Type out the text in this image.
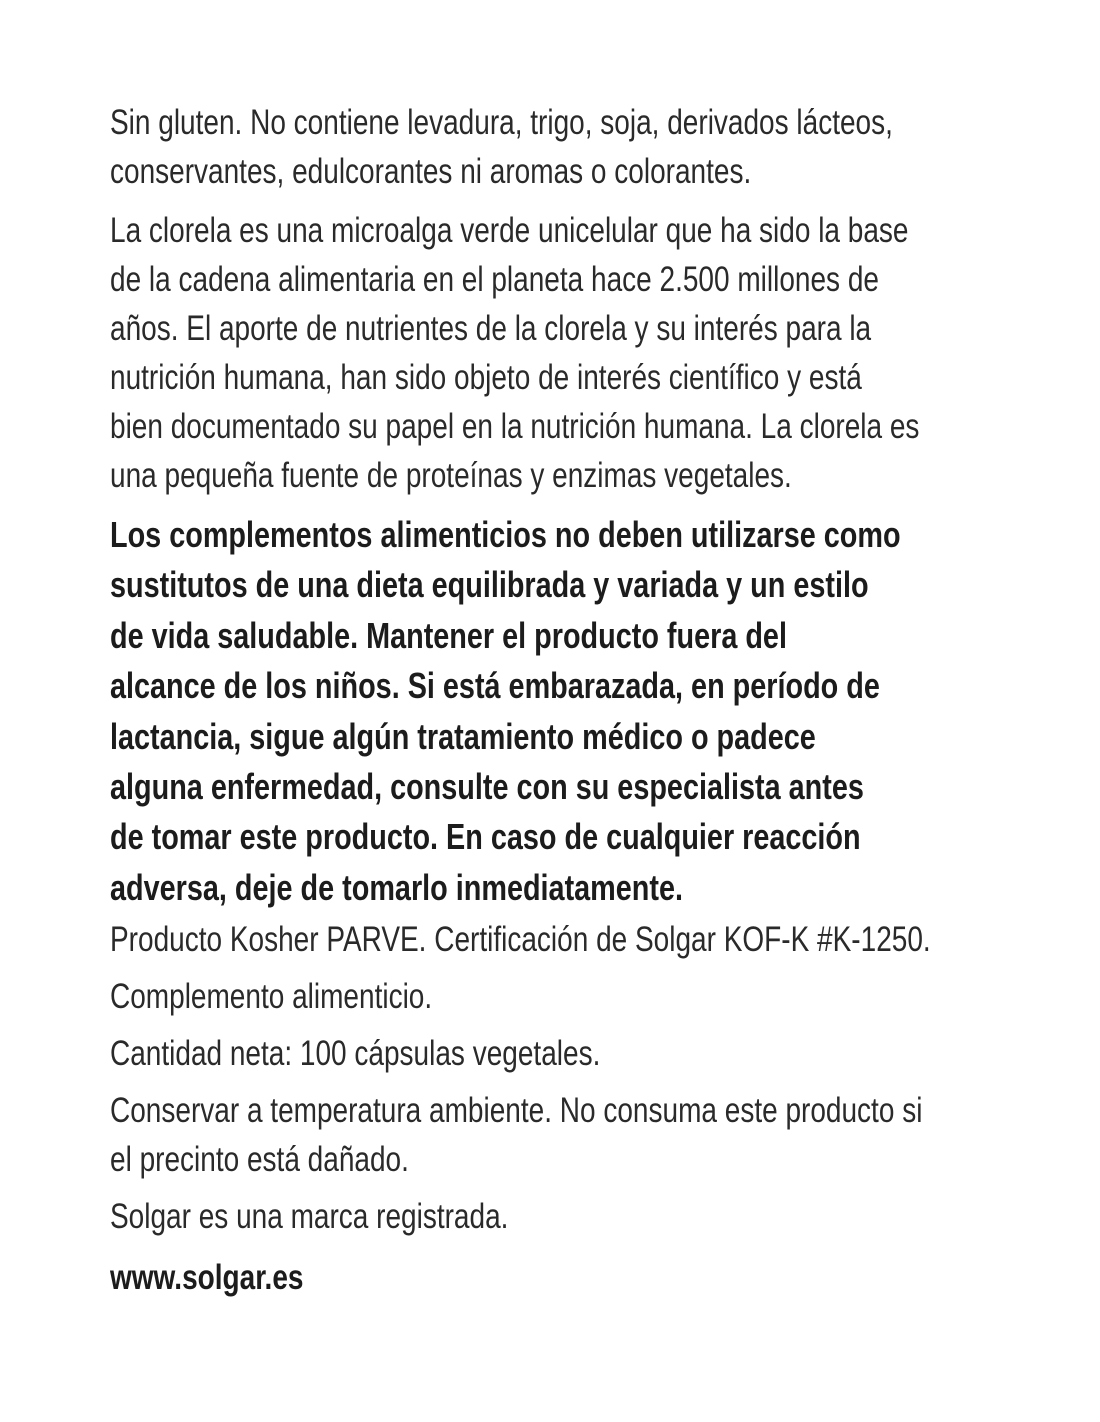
Sin gluten. No contiene levadura, trigo, soja, derivados lácteos,
conservantes, edulcorantes ni aromas o colorantes.
La clorela es una microalga verde unicelular que ha sido la base
de la cadena alimentaria en el planeta hace 2.500 millones de
años. El aporte de nutrientes de la clorela y su interés para la
nutrición humana, han sido objeto de interés científico y está
bien documentado su papel en la nutrición humana. La clorela es
una pequeña fuente de proteínas y enzimas vegetales.
Los complementos alimenticios no deben utilizarse como
sustitutos de una dieta equilibrada y variada y un estilo
de vida saludable. Mantener el producto fuera del
alcance de los niños. Si está embarazada, en período de
lactancia, sigue algún tratamiento médico o padece
alguna enfermedad, consulte con su especialista antes
de tomar este producto. En caso de cualquier reacción
adversa, deje de tomarlo inmediatamente.
Producto Kosher PARVE. Certificación de Solgar KOF-K #K-1250.
Complemento alimenticio.
Cantidad neta: 100 cápsulas vegetales.
Conservar a temperatura ambiente. No consuma este producto si
el precinto está dañado.
Solgar es una marca registrada.
www.solgar.es
